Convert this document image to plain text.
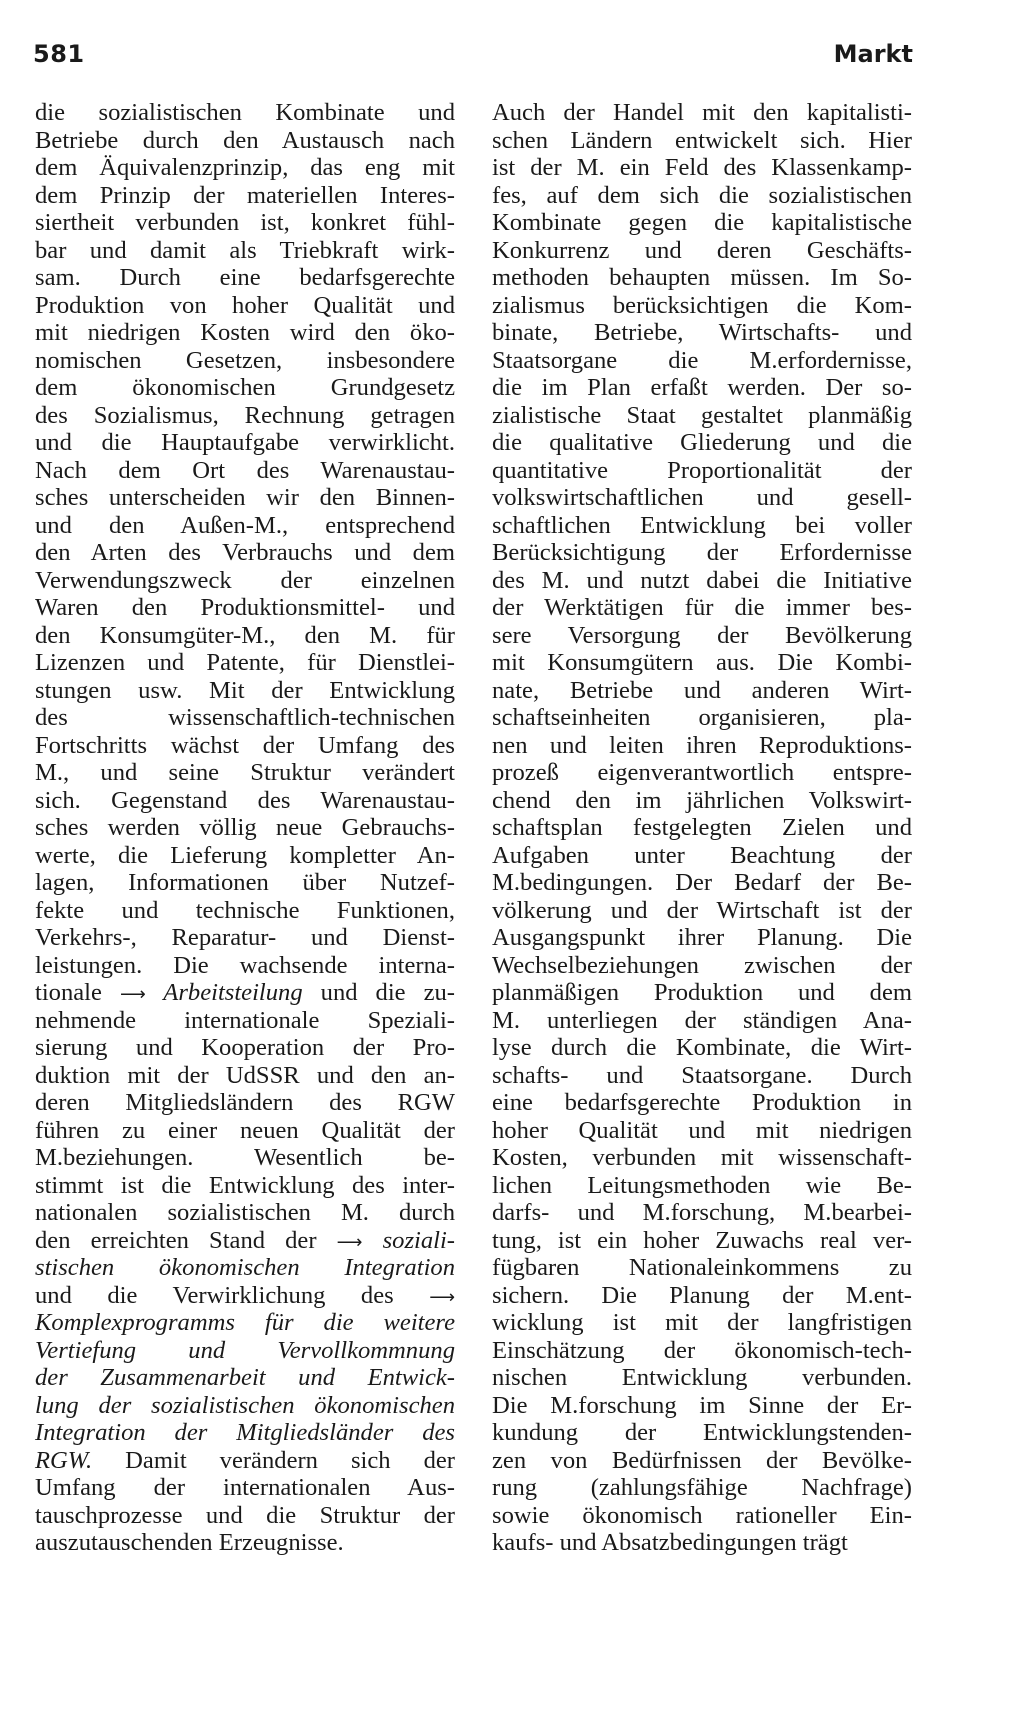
581	Markt
die sozialistischen Kombinate und
Betriebe durch den Austausch nach
dem Äquivalenzprinzip, das eng mit
dem Prinzip der materiellen Interes-
siertheit verbunden ist, konkret fühl-
bar und damit als Triebkraft wirk-
sam. Durch eine bedarfsgerechte
Produktion von hoher Qualität und
mit niedrigen Kosten wird den öko-
nomischen Gesetzen, insbesondere
dem ökonomischen Grundgesetz
des Sozialismus, Rechnung getragen
und die Hauptaufgabe verwirklicht.
Nach dem Ort des Warenaustau-
sches unterscheiden wir den Binnen-
und den Außen-M., entsprechend
den Arten des Verbrauchs und dem
Verwendungszweck der einzelnen
Waren den Produktionsmittel- und
den Konsumgüter-M., den M. für
Lizenzen und Patente, für Dienstlei-
stungen usw. Mit der Entwicklung
des wissenschaftlich-technischen
Fortschritts wächst der Umfang des
M., und seine Struktur verändert
sich. Gegenstand des Warenaustau-
sches werden völlig neue Gebrauchs-
werte, die Lieferung kompletter An-
lagen, Informationen über Nutzef-
fekte und technische Funktionen,
Verkehrs-, Reparatur- und Dienst-
leistungen. Die wachsende interna-
tionale ⟶ Arbeitsteilung und die zu-
nehmende internationale Speziali-
sierung und Kooperation der Pro-
duktion mit der UdSSR und den an-
deren Mitgliedsländern des RGW
führen zu einer neuen Qualität der
M.beziehungen. Wesentlich be-
stimmt ist die Entwicklung des inter-
nationalen sozialistischen M. durch
den erreichten Stand der ⟶ soziali-
stischen ökonomischen Integration
und die Verwirklichung des ⟶
Komplexprogramms für die weitere
Vertiefung und Vervollkommnung
der Zusammenarbeit und Entwick-
lung der sozialistischen ökonomischen
Integration der Mitgliedsländer des
RGW. Damit verändern sich der
Umfang der internationalen Aus-
tauschprozesse und die Struktur der
auszutauschenden Erzeugnisse.
Auch der Handel mit den kapitalisti-
schen Ländern entwickelt sich. Hier
ist der M. ein Feld des Klassenkamp-
fes, auf dem sich die sozialistischen
Kombinate gegen die kapitalistische
Konkurrenz und deren Geschäfts-
methoden behaupten müssen. Im So-
zialismus berücksichtigen die Kom-
binate, Betriebe, Wirtschafts- und
Staatsorgane die M.erfordernisse,
die im Plan erfaßt werden. Der so-
zialistische Staat gestaltet planmäßig
die qualitative Gliederung und die
quantitative Proportionalität der
volkswirtschaftlichen und gesell-
schaftlichen Entwicklung bei voller
Berücksichtigung der Erfordernisse
des M. und nutzt dabei die Initiative
der Werktätigen für die immer bes-
sere Versorgung der Bevölkerung
mit Konsumgütern aus. Die Kombi-
nate, Betriebe und anderen Wirt-
schaftseinheiten organisieren, pla-
nen und leiten ihren Reproduktions-
prozeß eigenverantwortlich entspre-
chend den im jährlichen Volkswirt-
schaftsplan festgelegten Zielen und
Aufgaben unter Beachtung der
M.bedingungen. Der Bedarf der Be-
völkerung und der Wirtschaft ist der
Ausgangspunkt ihrer Planung. Die
Wechselbeziehungen zwischen der
planmäßigen Produktion und dem
M. unterliegen der ständigen Ana-
lyse durch die Kombinate, die Wirt-
schafts- und Staatsorgane. Durch
eine bedarfsgerechte Produktion in
hoher Qualität und mit niedrigen
Kosten, verbunden mit wissenschaft-
lichen Leitungsmethoden wie Be-
darfs- und M.forschung, M.bearbei-
tung, ist ein hoher Zuwachs real ver-
fügbaren Nationaleinkommens zu
sichern. Die Planung der M.ent-
wicklung ist mit der langfristigen
Einschätzung der ökonomisch-tech-
nischen Entwicklung verbunden.
Die M.forschung im Sinne der Er-
kundung der Entwicklungstenden-
zen von Bedürfnissen der Bevölke-
rung (zahlungsfähige Nachfrage)
sowie ökonomisch rationeller Ein-
kaufs- und Absatzbedingungen trägt
